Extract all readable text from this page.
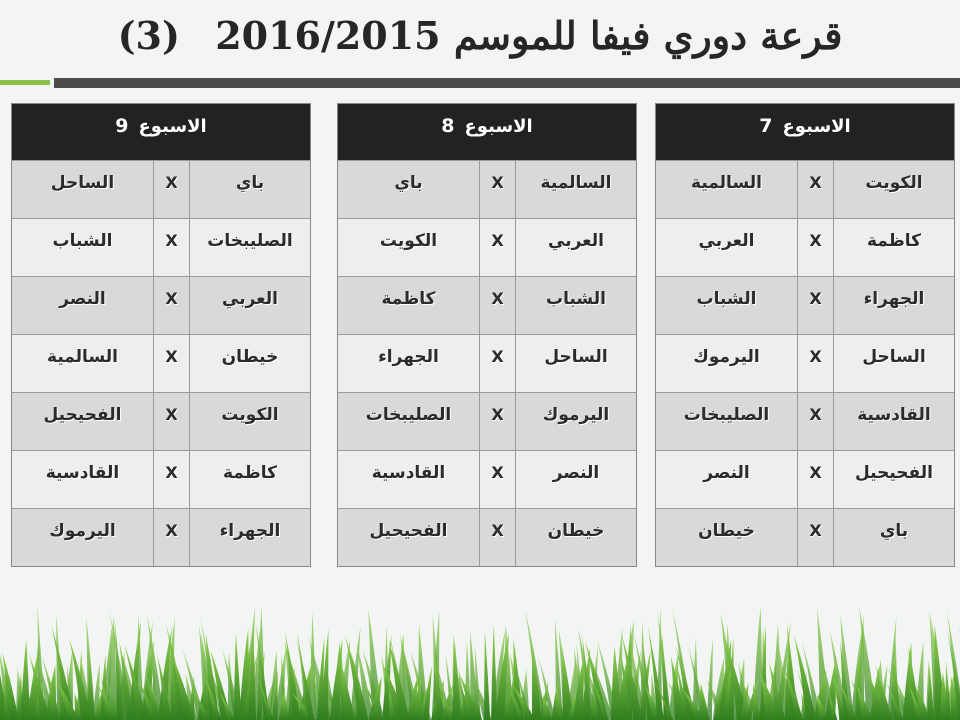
قرعة دوري فيفا للموسم 2016/2015 (3)
الاسبوع7
الكويت
X
السالمية
كاظمة
X
العربي
الجهراء
X
الشباب
الساحل
X
اليرموك
القادسية
X
الصليبخات
الفحيحيل
X
النصر
باي
X
خيطان
الاسبوع8
السالمية
X
باي
العربي
X
الكويت
الشباب
X
كاظمة
الساحل
X
الجهراء
اليرموك
X
الصليبخات
النصر
X
القادسية
خيطان
X
الفحيحيل
الاسبوع9
باي
X
الساحل
الصليبخات
X
الشباب
العربي
X
النصر
خيطان
X
السالمية
الكويت
X
الفحيحيل
كاظمة
X
القادسية
الجهراء
X
اليرموك
